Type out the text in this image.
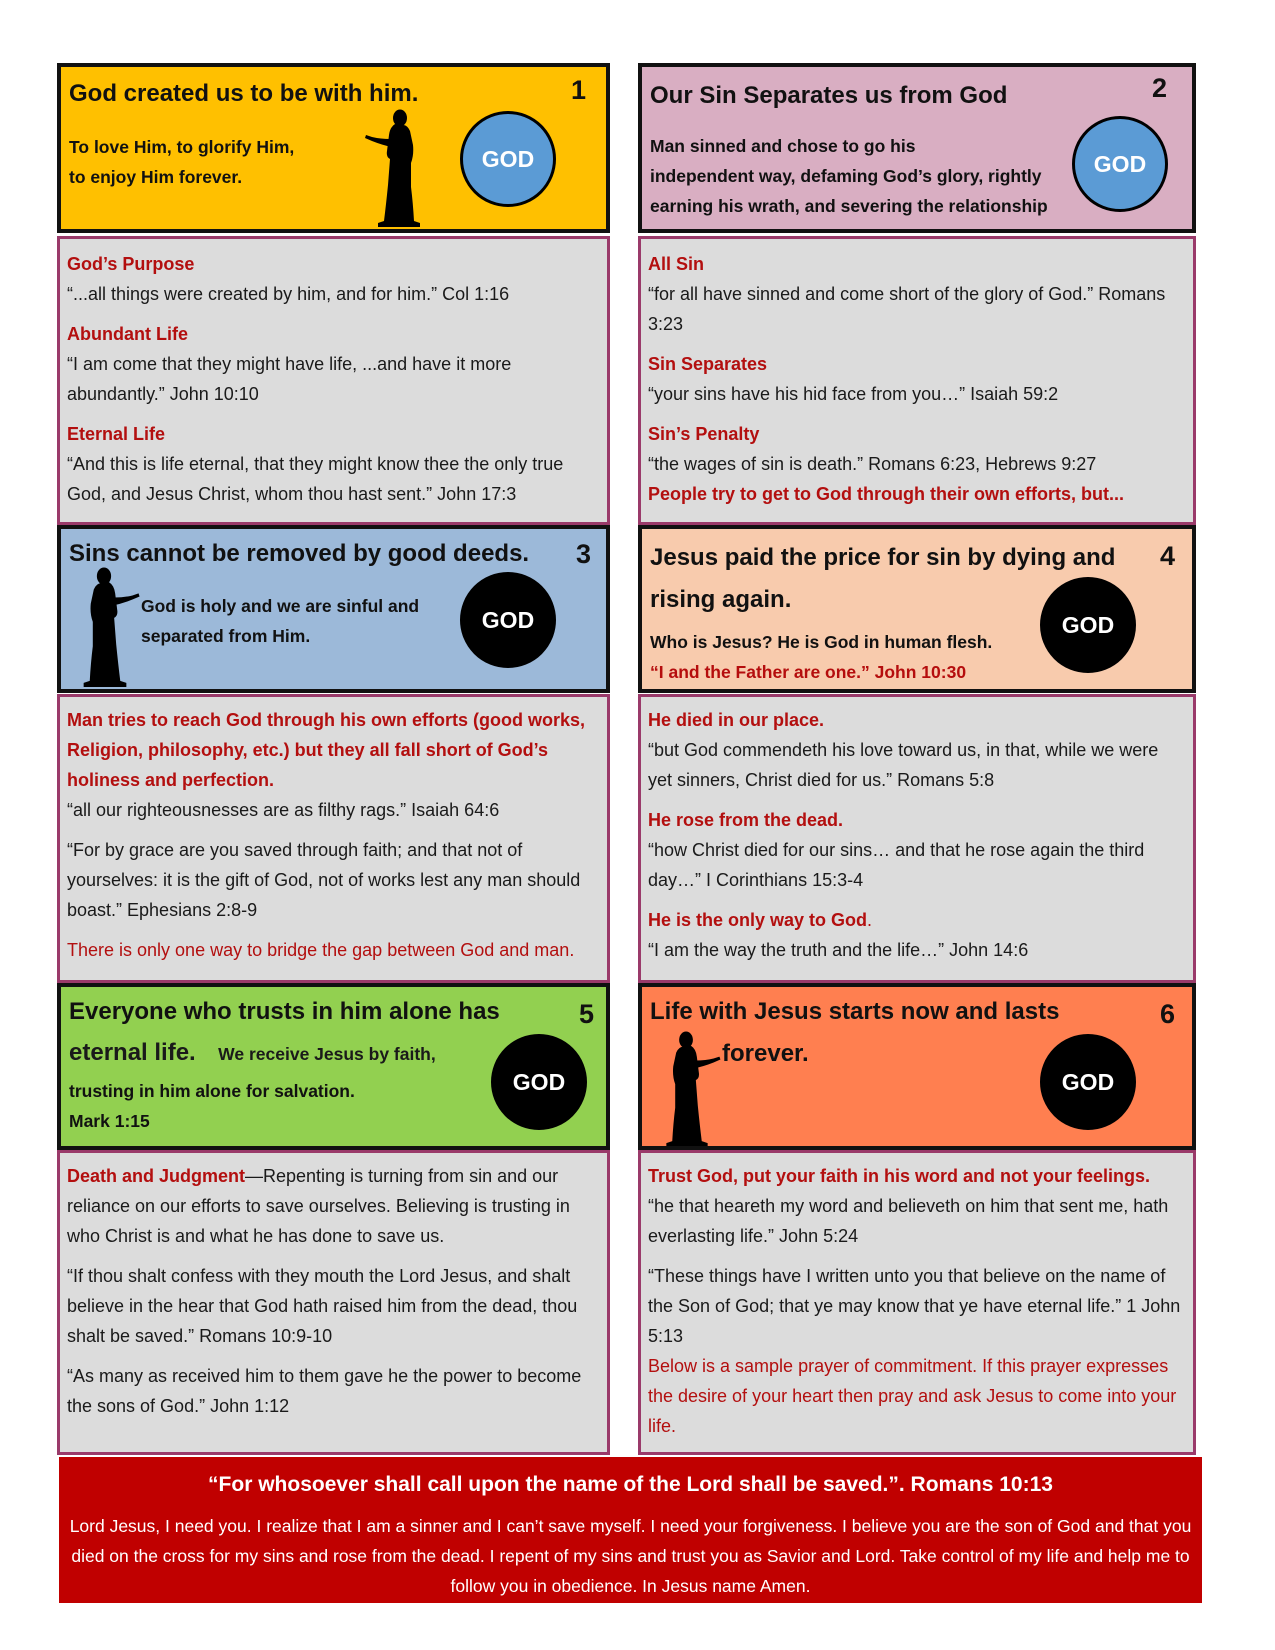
God created us to be with him.	1
To love Him, to glorify Him,
to enjoy Him forever.
GOD
God’s Purpose
“...all things were created by him, and for him.” Col 1:16
Abundant Life
“I am come that they might have life, ...and have it more abundantly.” John 10:10
Eternal Life
“And this is life eternal, that they might know thee the only true God, and Jesus Christ, whom thou hast sent.” John 17:3
Our Sin Separates us from God	2
Man sinned and chose to go his
independent way, defaming God’s glory, rightly
earning his wrath, and severing the relationship
GOD
All Sin
“for all have sinned and come short of the glory of God.” Romans 3:23
Sin Separates
“your sins have his hid face from you…” Isaiah 59:2
Sin’s Penalty
“the wages of sin is death.” Romans 6:23, Hebrews 9:27
People try to get to God through their own efforts, but...
Sins cannot be removed by good deeds. 3
God is holy and we are sinful and
separated from Him.
GOD
Man tries to reach God through his own efforts (good works, Religion, philosophy, etc.) but they all fall short of God’s holiness and perfection.
“all our righteousnesses are as filthy rags.” Isaiah 64:6
“For by grace are you saved through faith; and that not of yourselves: it is the gift of God, not of works lest any man should boast.” Ephesians 2:8-9
There is only one way to bridge the gap between God and man.
Jesus paid the price for sin by dying and
rising again.
4
Who is Jesus? He is God in human flesh.
“I and the Father are one.” John 10:30
GOD
He died in our place.
“but God commendeth his love toward us, in that, while we were yet sinners, Christ died for us.” Romans 5:8
He rose from the dead.
“how Christ died for our sins… and that he rose again the third day…” I Corinthians 15:3-4
He is the only way to God.
“I am the way the truth and the life…” John 14:6
Everyone who trusts in him alone has	5
eternal life. We receive Jesus by faith,
trusting in him alone for salvation.
Mark 1:15
GOD
Death and Judgment—Repenting is turning from sin and our reliance on our efforts to save ourselves. Believing is trusting in who Christ is and what he has done to save us.
“If thou shalt confess with they mouth the Lord Jesus, and shalt believe in the hear that God hath raised him from the dead, thou shalt be saved.” Romans 10:9-10
“As many as received him to them gave he the power to become the sons of God.” John 1:12
Life with Jesus starts now and lasts	6
forever.
GOD
Trust God, put your faith in his word and not your feelings.
“he that heareth my word and believeth on him that sent me, hath everlasting life.” John 5:24
“These things have I written unto you that believe on the name of the Son of God; that ye may know that ye have eternal life.” 1 John 5:13
Below is a sample prayer of commitment. If this prayer expresses the desire of your heart then pray and ask Jesus to come into your life.
“For whosoever shall call upon the name of the Lord shall be saved.”. Romans 10:13
Lord Jesus, I need you. I realize that I am a sinner and I can’t save myself. I need your forgiveness. I believe you are the son of God and that you died on the cross for my sins and rose from the dead. I repent of my sins and trust you as Savior and Lord. Take control of my life and help me to follow you in obedience. In Jesus name Amen.
